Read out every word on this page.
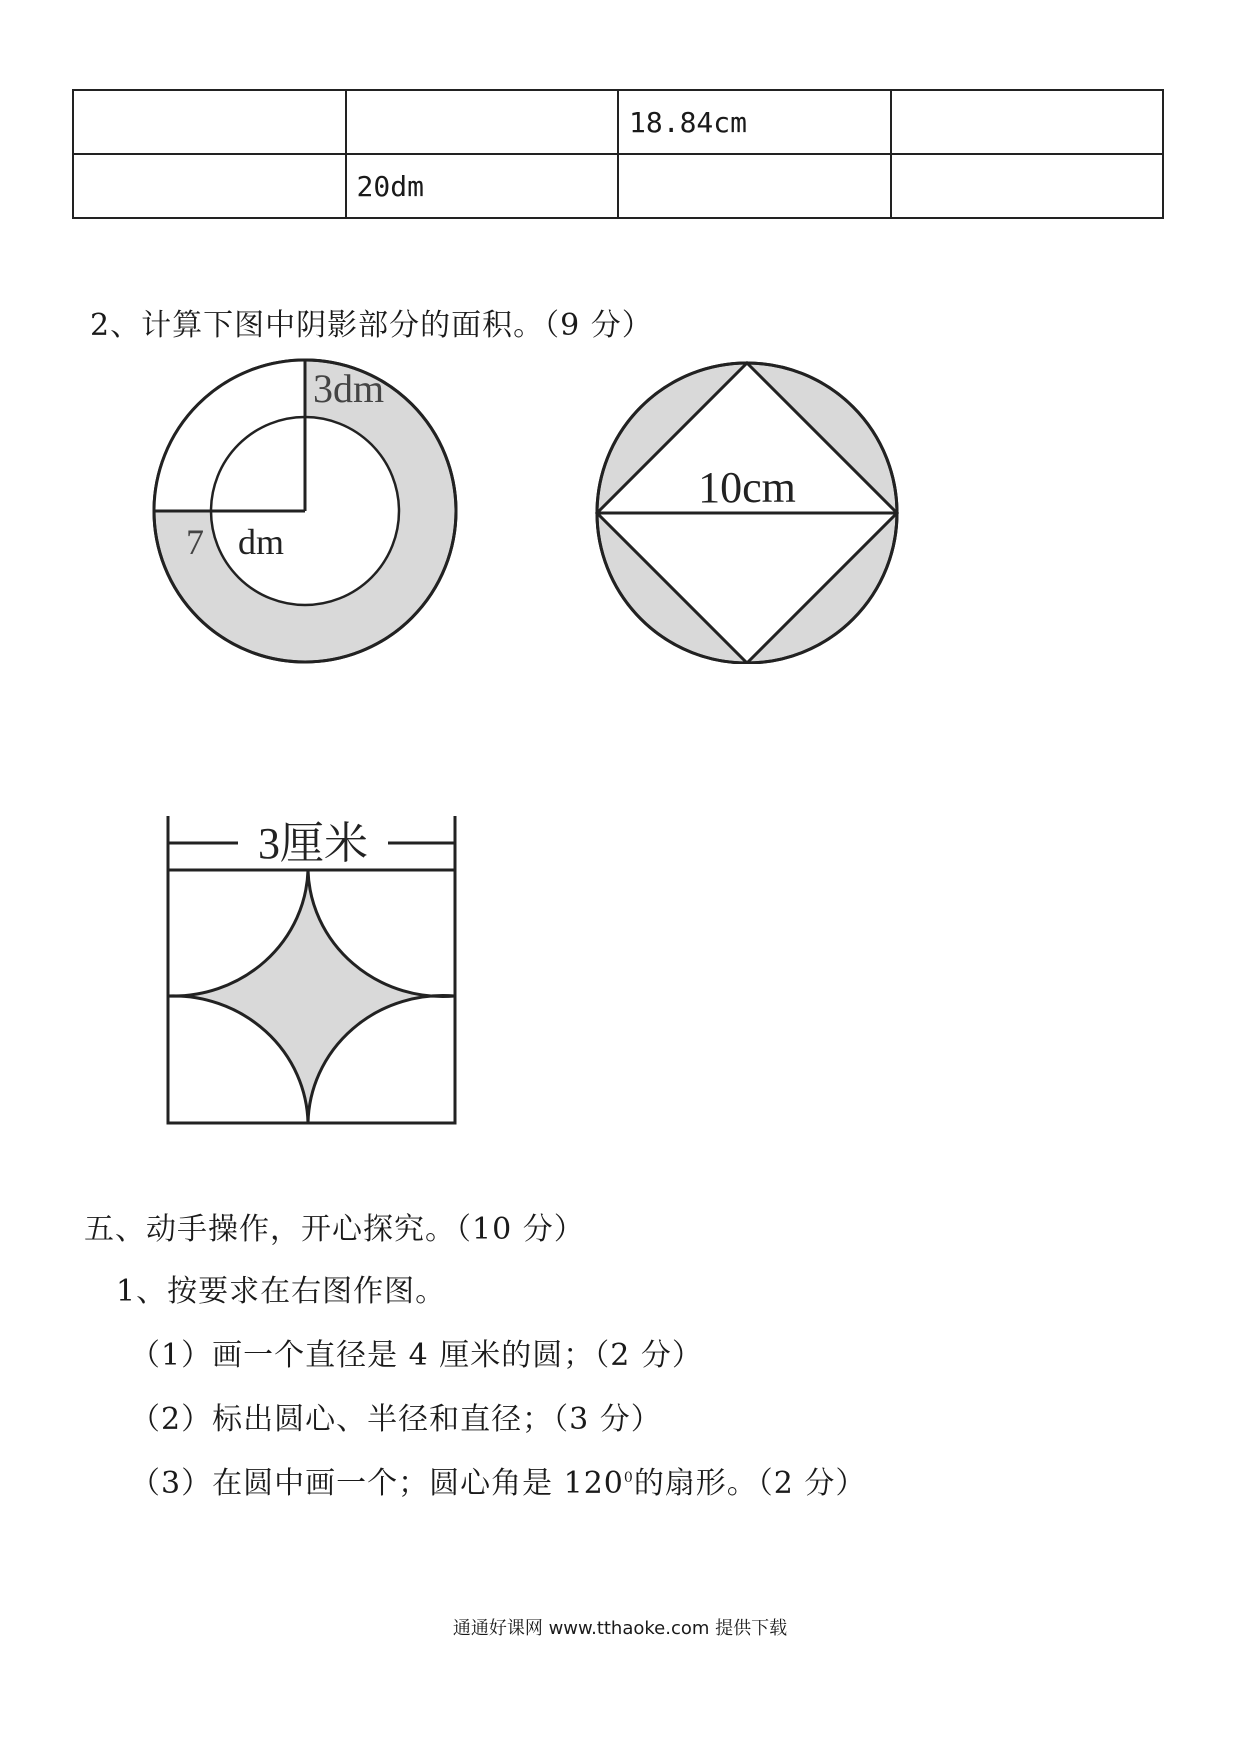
		18.84cm	
	20dm		
2、计算下图中阴影部分的面积。（9 分）
3dm
7 dm
10cm
3厘米
五、动手操作，开心探究。（10 分）
1、按要求在右图作图。
（1）画一个直径是 4 厘米的圆；（2 分）
（2）标出圆心、半径和直径；（3 分）
（3）在圆中画一个；圆心角是 $120^0$的扇形。（2 分）
通通好课网 www.tthaoke.com 提供下载
